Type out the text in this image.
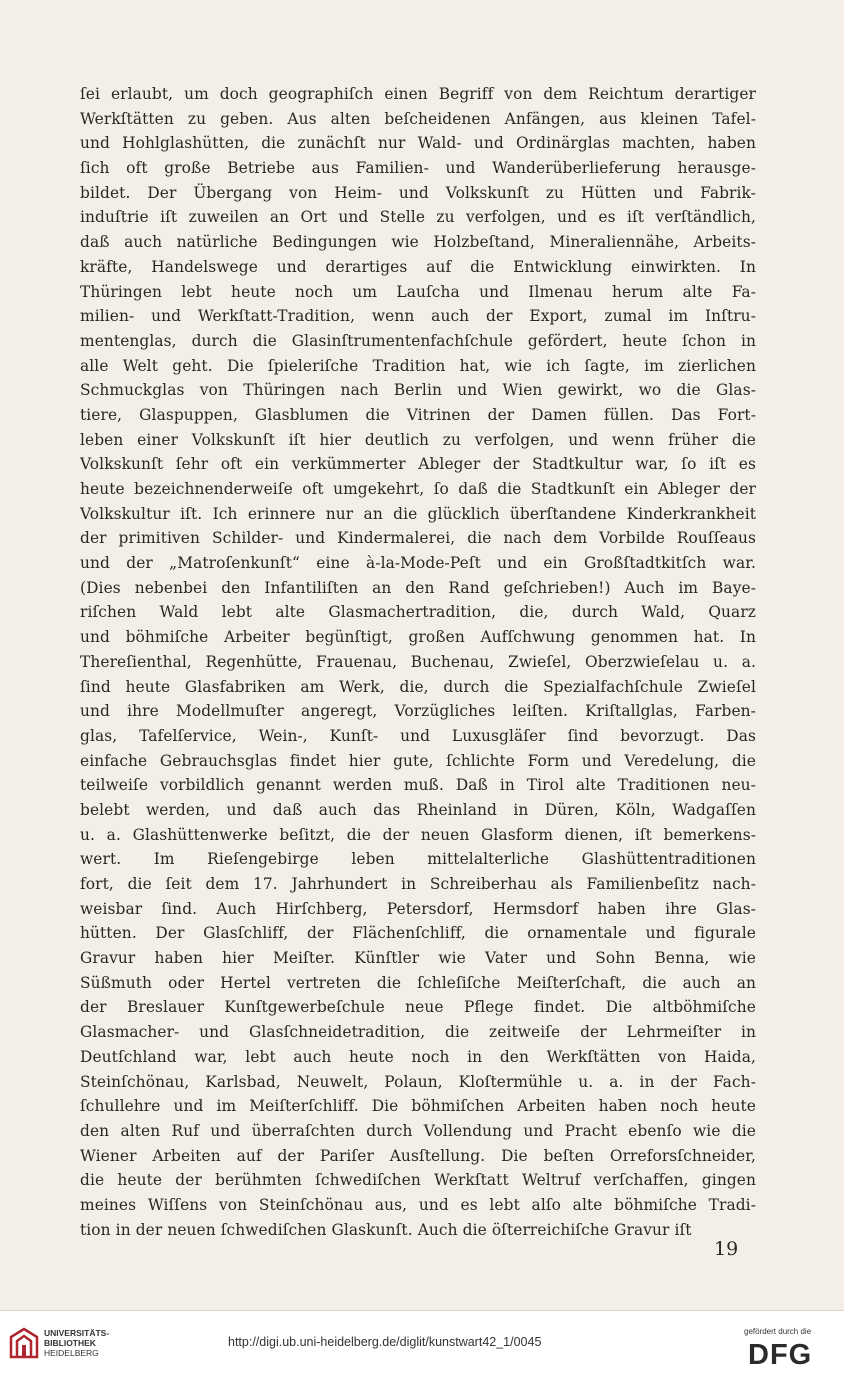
ſei erlaubt, um doch geographiſch einen Begriff von dem Reichtum derartiger
Werkſtätten zu geben. Aus alten beſcheidenen Anfängen, aus kleinen Tafel-
und Hohlglashütten, die zunächſt nur Wald- und Ordinärglas machten, haben
ſich oft große Betriebe aus Familien- und Wanderüberlieferung herausge-
bildet. Der Übergang von Heim- und Volkskunſt zu Hütten und Fabrik-
induſtrie iſt zuweilen an Ort und Stelle zu verfolgen, und es iſt verſtändlich,
daß auch natürliche Bedingungen wie Holzbeſtand, Mineraliennähe, Arbeits-
kräfte, Handelswege und derartiges auf die Entwicklung einwirkten. In
Thüringen lebt heute noch um Lauſcha und Ilmenau herum alte Fa-
milien- und Werkſtatt-Tradition, wenn auch der Export, zumal im Inſtru-
mentenglas, durch die Glasinſtrumentenfachſchule gefördert, heute ſchon in
alle Welt geht. Die ſpieleriſche Tradition hat, wie ich ſagte, im zierlichen
Schmuckglas von Thüringen nach Berlin und Wien gewirkt, wo die Glas-
tiere, Glaspuppen, Glasblumen die Vitrinen der Damen füllen. Das Fort-
leben einer Volkskunſt iſt hier deutlich zu verfolgen, und wenn früher die
Volkskunſt ſehr oft ein verkümmerter Ableger der Stadtkultur war, ſo iſt es
heute bezeichnenderweiſe oft umgekehrt, ſo daß die Stadtkunſt ein Ableger der
Volkskultur iſt. Ich erinnere nur an die glücklich überſtandene Kinderkrankheit
der primitiven Schilder- und Kindermalerei, die nach dem Vorbilde Rouſſeaus
und der „Matroſenkunſt“ eine à-la-Mode-Peſt und ein Großſtadtkitſch war.
(Dies nebenbei den Infantiliſten an den Rand geſchrieben!) Auch im Baye-
riſchen Wald lebt alte Glasmachertradition, die, durch Wald, Quarz
und böhmiſche Arbeiter begünſtigt, großen Aufſchwung genommen hat. In
Thereſienthal, Regenhütte, Frauenau, Buchenau, Zwieſel, Oberzwieſelau u. a.
ſind heute Glasfabriken am Werk, die, durch die Spezialfachſchule Zwieſel
und ihre Modellmuſter angeregt, Vorzügliches leiſten. Kriſtallglas, Farben-
glas, Tafelſervice, Wein-, Kunſt- und Luxusgläſer ſind bevorzugt. Das
einfache Gebrauchsglas findet hier gute, ſchlichte Form und Veredelung, die
teilweiſe vorbildlich genannt werden muß. Daß in Tirol alte Traditionen neu-
belebt werden, und daß auch das Rheinland in Düren, Köln, Wadgaſſen
u. a. Glashüttenwerke beſitzt, die der neuen Glasform dienen, iſt bemerkens-
wert. Im Rieſengebirge leben mittelalterliche Glashüttentraditionen
fort, die ſeit dem 17. Jahrhundert in Schreiberhau als Familienbeſitz nach-
weisbar ſind. Auch Hirſchberg, Petersdorf, Hermsdorf haben ihre Glas-
hütten. Der Glasſchliff, der Flächenſchliff, die ornamentale und figurale
Gravur haben hier Meiſter. Künſtler wie Vater und Sohn Benna, wie
Süßmuth oder Hertel vertreten die ſchleſiſche Meiſterſchaft, die auch an
der Breslauer Kunſtgewerbeſchule neue Pflege findet. Die altböhmiſche
Glasmacher- und Glasſchneidetradition, die zeitweiſe der Lehrmeiſter in
Deutſchland war, lebt auch heute noch in den Werkſtätten von Haida,
Steinſchönau, Karlsbad, Neuwelt, Polaun, Kloſtermühle u. a. in der Fach-
ſchullehre und im Meiſterſchliff. Die böhmiſchen Arbeiten haben noch heute
den alten Ruf und überraſchten durch Vollendung und Pracht ebenſo wie die
Wiener Arbeiten auf der Pariſer Ausſtellung. Die beſten Orreforsſchneider,
die heute der berühmten ſchwediſchen Werkſtatt Weltruf verſchaffen, gingen
meines Wiſſens von Steinſchönau aus, und es lebt alſo alte böhmiſche Tradi-
tion in der neuen ſchwediſchen Glaskunſt. Auch die öſterreichiſche Gravur iſt
19
UNIVERSITÄTS-
BIBLIOTHEK
HEIDELBERG
http://digi.ub.uni-heidelberg.de/diglit/kunstwart42_1/0045
gefördert durch die
DFG
